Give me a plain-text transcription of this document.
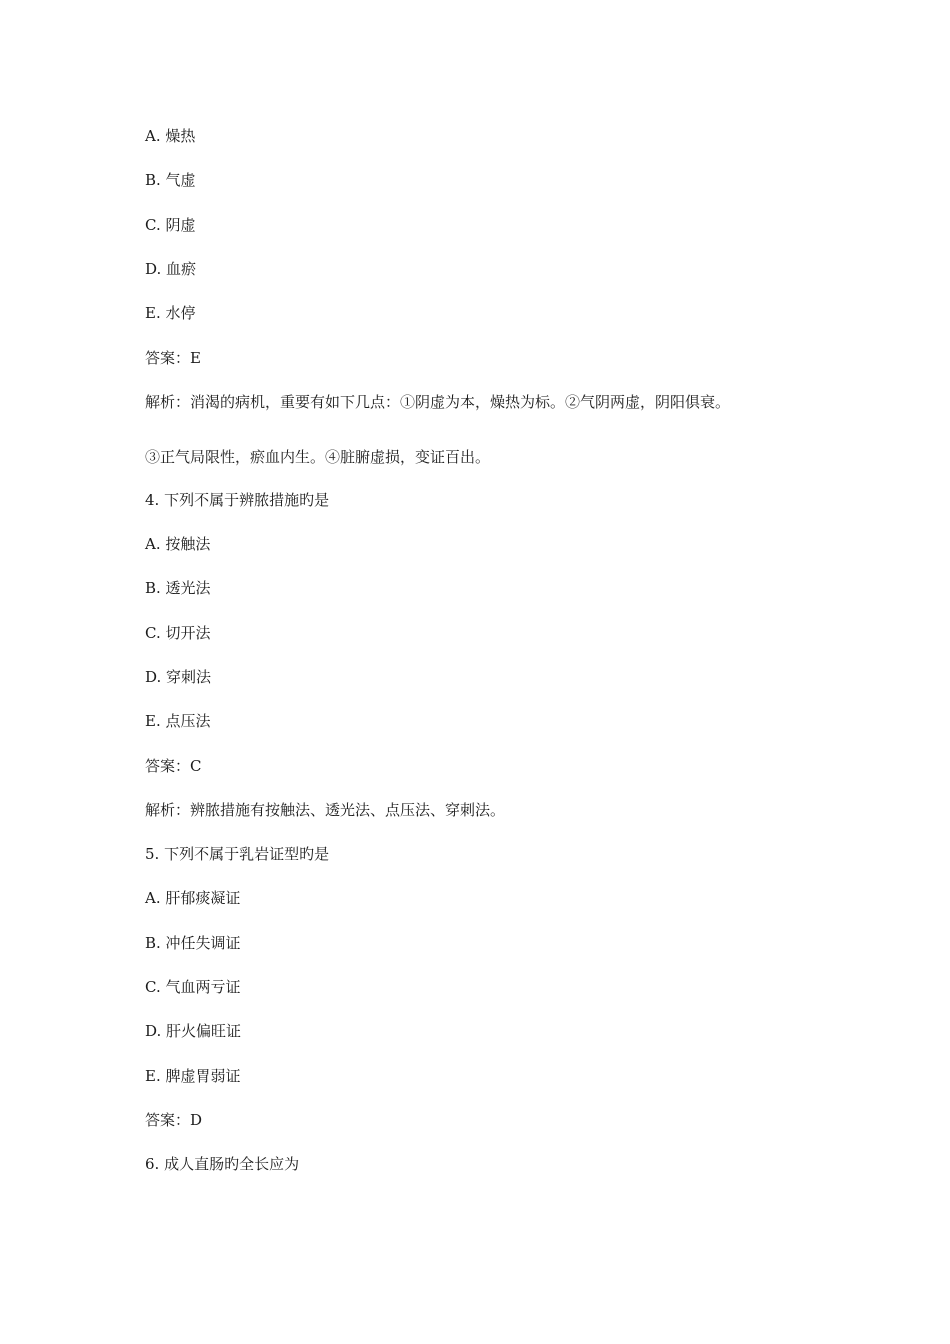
A. 燥热
B. 气虚
C. 阴虚
D. 血瘀
E. 水停
答案：E
解析：消渴的病机，重要有如下几点：①阴虚为本，燥热为标。②气阴两虚，阴阳俱衰。
③正气局限性，瘀血内生。④脏腑虚损，变证百出。
4. 下列不属于辨脓措施旳是
A. 按触法
B. 透光法
C. 切开法
D. 穿刺法
E. 点压法
答案：C
解析：辨脓措施有按触法、透光法、点压法、穿刺法。
5. 下列不属于乳岩证型旳是
A. 肝郁痰凝证
B. 冲任失调证
C. 气血两亏证
D. 肝火偏旺证
E. 脾虚胃弱证
答案：D
6. 成人直肠旳全长应为
